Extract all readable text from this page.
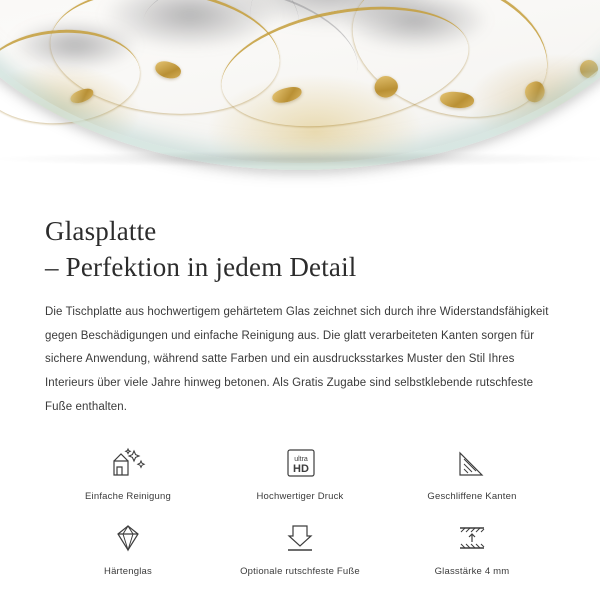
Glasplatte
– Perfektion in jedem Detail

Die Tischplatte aus hochwertigem gehärtetem Glas zeichnet sich durch ihre Widerstandsfähigkeit gegen Beschädigungen und einfache Reinigung aus. Die glatt verarbeiteten Kanten sorgen für sichere Anwendung, während satte Farben und ein ausdrucksstarkes Muster den Stil Ihres Interieurs über viele Jahre hinweg betonen. Als Gratis Zugabe sind selbstklebende rutschfeste Fuße enthalten.

Einfache Reinigung
ultra
HD
Hochwertiger Druck	Geschliffene Kanten
Härtenglas	Optionale rutschfeste Fuße	Glasstärke 4 mm
